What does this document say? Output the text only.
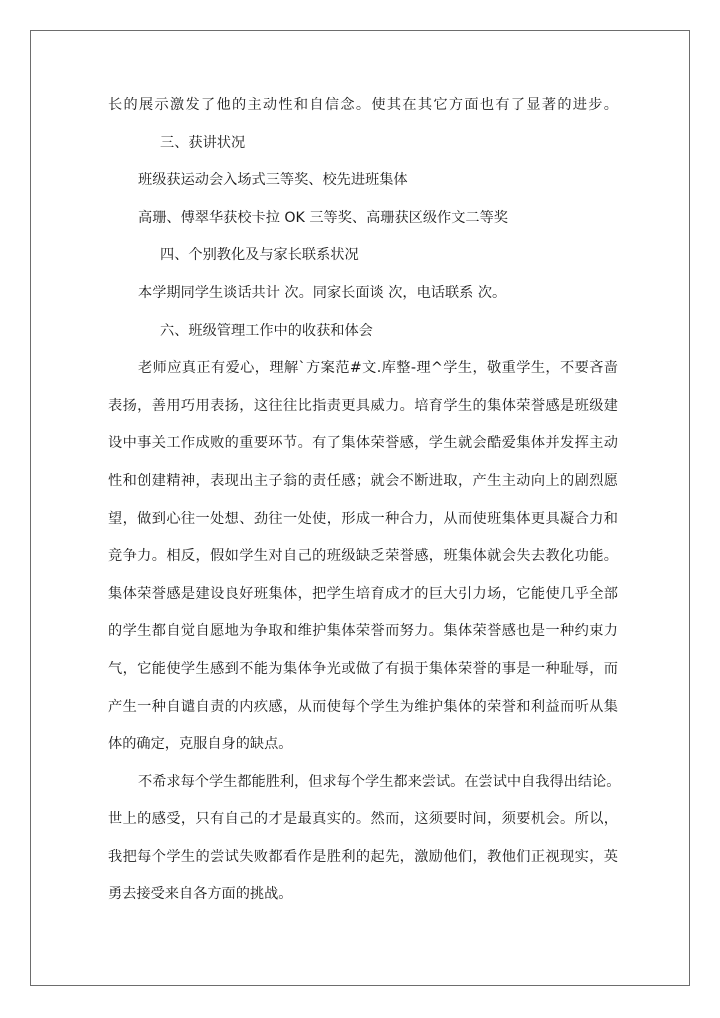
长的展示激发了他的主动性和自信念。使其在其它方面也有了显著的进步。
三、获讲状况
班级获运动会入场式三等奖、校先进班集体
高珊、傅翠华获校卡拉 OK 三等奖、高珊获区级作文二等奖
四、个别教化及与家长联系状况
本学期同学生谈话共计 次。同家长面谈 次，电话联系 次。
六、班级管理工作中的收获和体会
老师应真正有爱心，理解`方案范#文.库整-理^学生，敬重学生，不要吝啬
表扬，善用巧用表扬，这往往比指责更具威力。培育学生的集体荣誉感是班级建
设中事关工作成败的重要环节。有了集体荣誉感，学生就会酷爱集体并发挥主动
性和创建精神，表现出主子翁的责任感；就会不断进取，产生主动向上的剧烈愿
望，做到心往一处想、劲往一处使，形成一种合力，从而使班集体更具凝合力和
竞争力。相反，假如学生对自己的班级缺乏荣誉感，班集体就会失去教化功能。
集体荣誉感是建设良好班集体，把学生培育成才的巨大引力场，它能使几乎全部
的学生都自觉自愿地为争取和维护集体荣誉而努力。集体荣誉感也是一种约束力
气，它能使学生感到不能为集体争光或做了有损于集体荣誉的事是一种耻辱，而
产生一种自谴自责的内疚感，从而使每个学生为维护集体的荣誉和利益而听从集
体的确定，克服自身的缺点。
不希求每个学生都能胜利，但求每个学生都来尝试。在尝试中自我得出结论。
世上的感受，只有自己的才是最真实的。然而，这须要时间，须要机会。所以，
我把每个学生的尝试失败都看作是胜利的起先，激励他们，教他们正视现实，英
勇去接受来自各方面的挑战。
